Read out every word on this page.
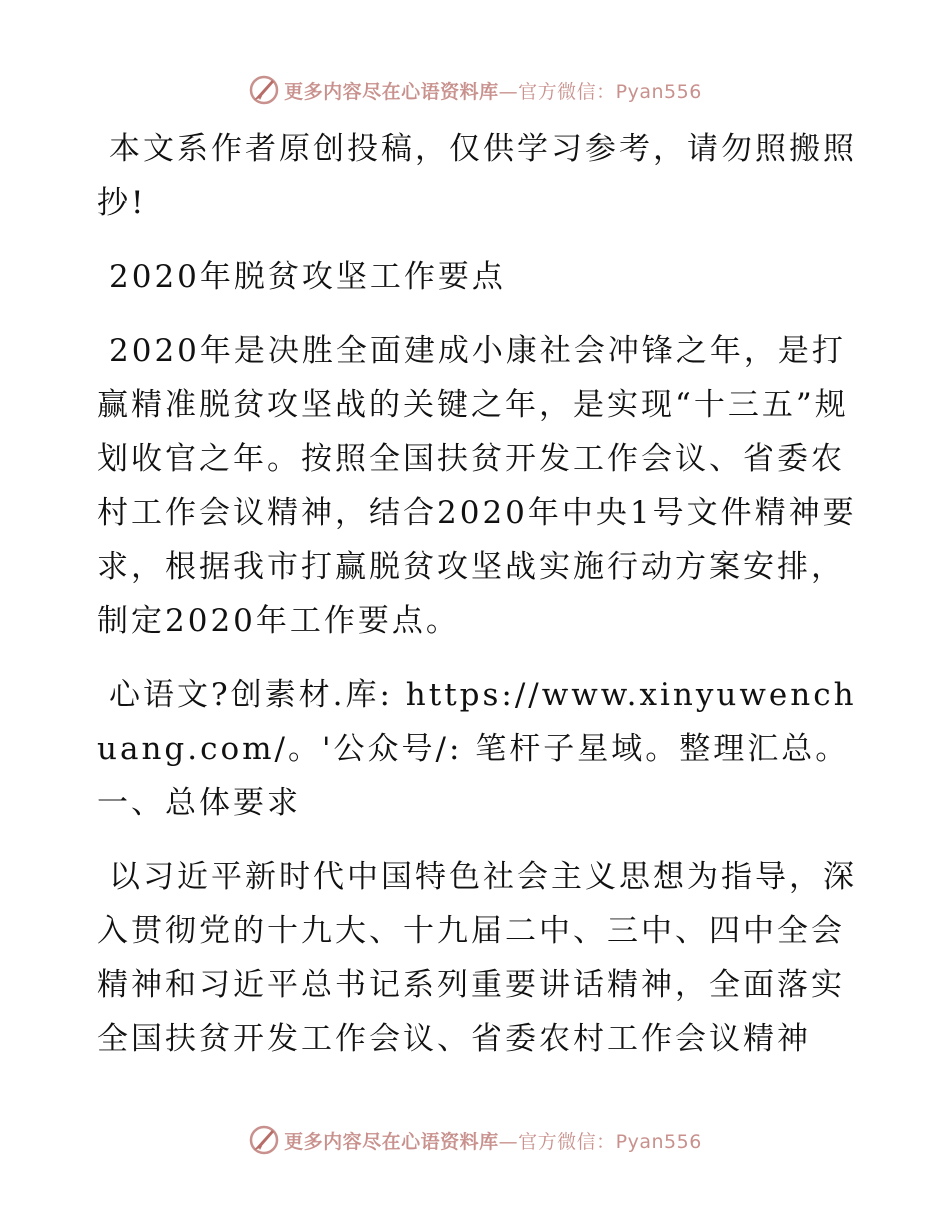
更多内容尽在心语资料库—官方微信：Pyan556

本文系作者原创投稿，仅供学习参考，请勿照搬照抄!

2020年脱贫攻坚工作要点

2020年是决胜全面建成小康社会冲锋之年，是打赢精准脱贫攻坚战的关键之年，是实现“十三五”规划收官之年。按照全国扶贫开发工作会议、省委农村工作会议精神，结合2020年中央1号文件精神要求，根据我市打赢脱贫攻坚战实施行动方案安排，制定2020年工作要点。

心语文?创素材.库: https://www.xinyuwenchuang.com/。'公众号/: 笔杆子星域。整理汇总。一、总体要求

以习近平新时代中国特色社会主义思想为指导，深入贯彻党的十九大、十九届二中、三中、四中全会精神和习近平总书记系列重要讲话精神，全面落实全国扶贫开发工作会议、省委农村工作会议精神

更多内容尽在心语资料库—官方微信：Pyan556
